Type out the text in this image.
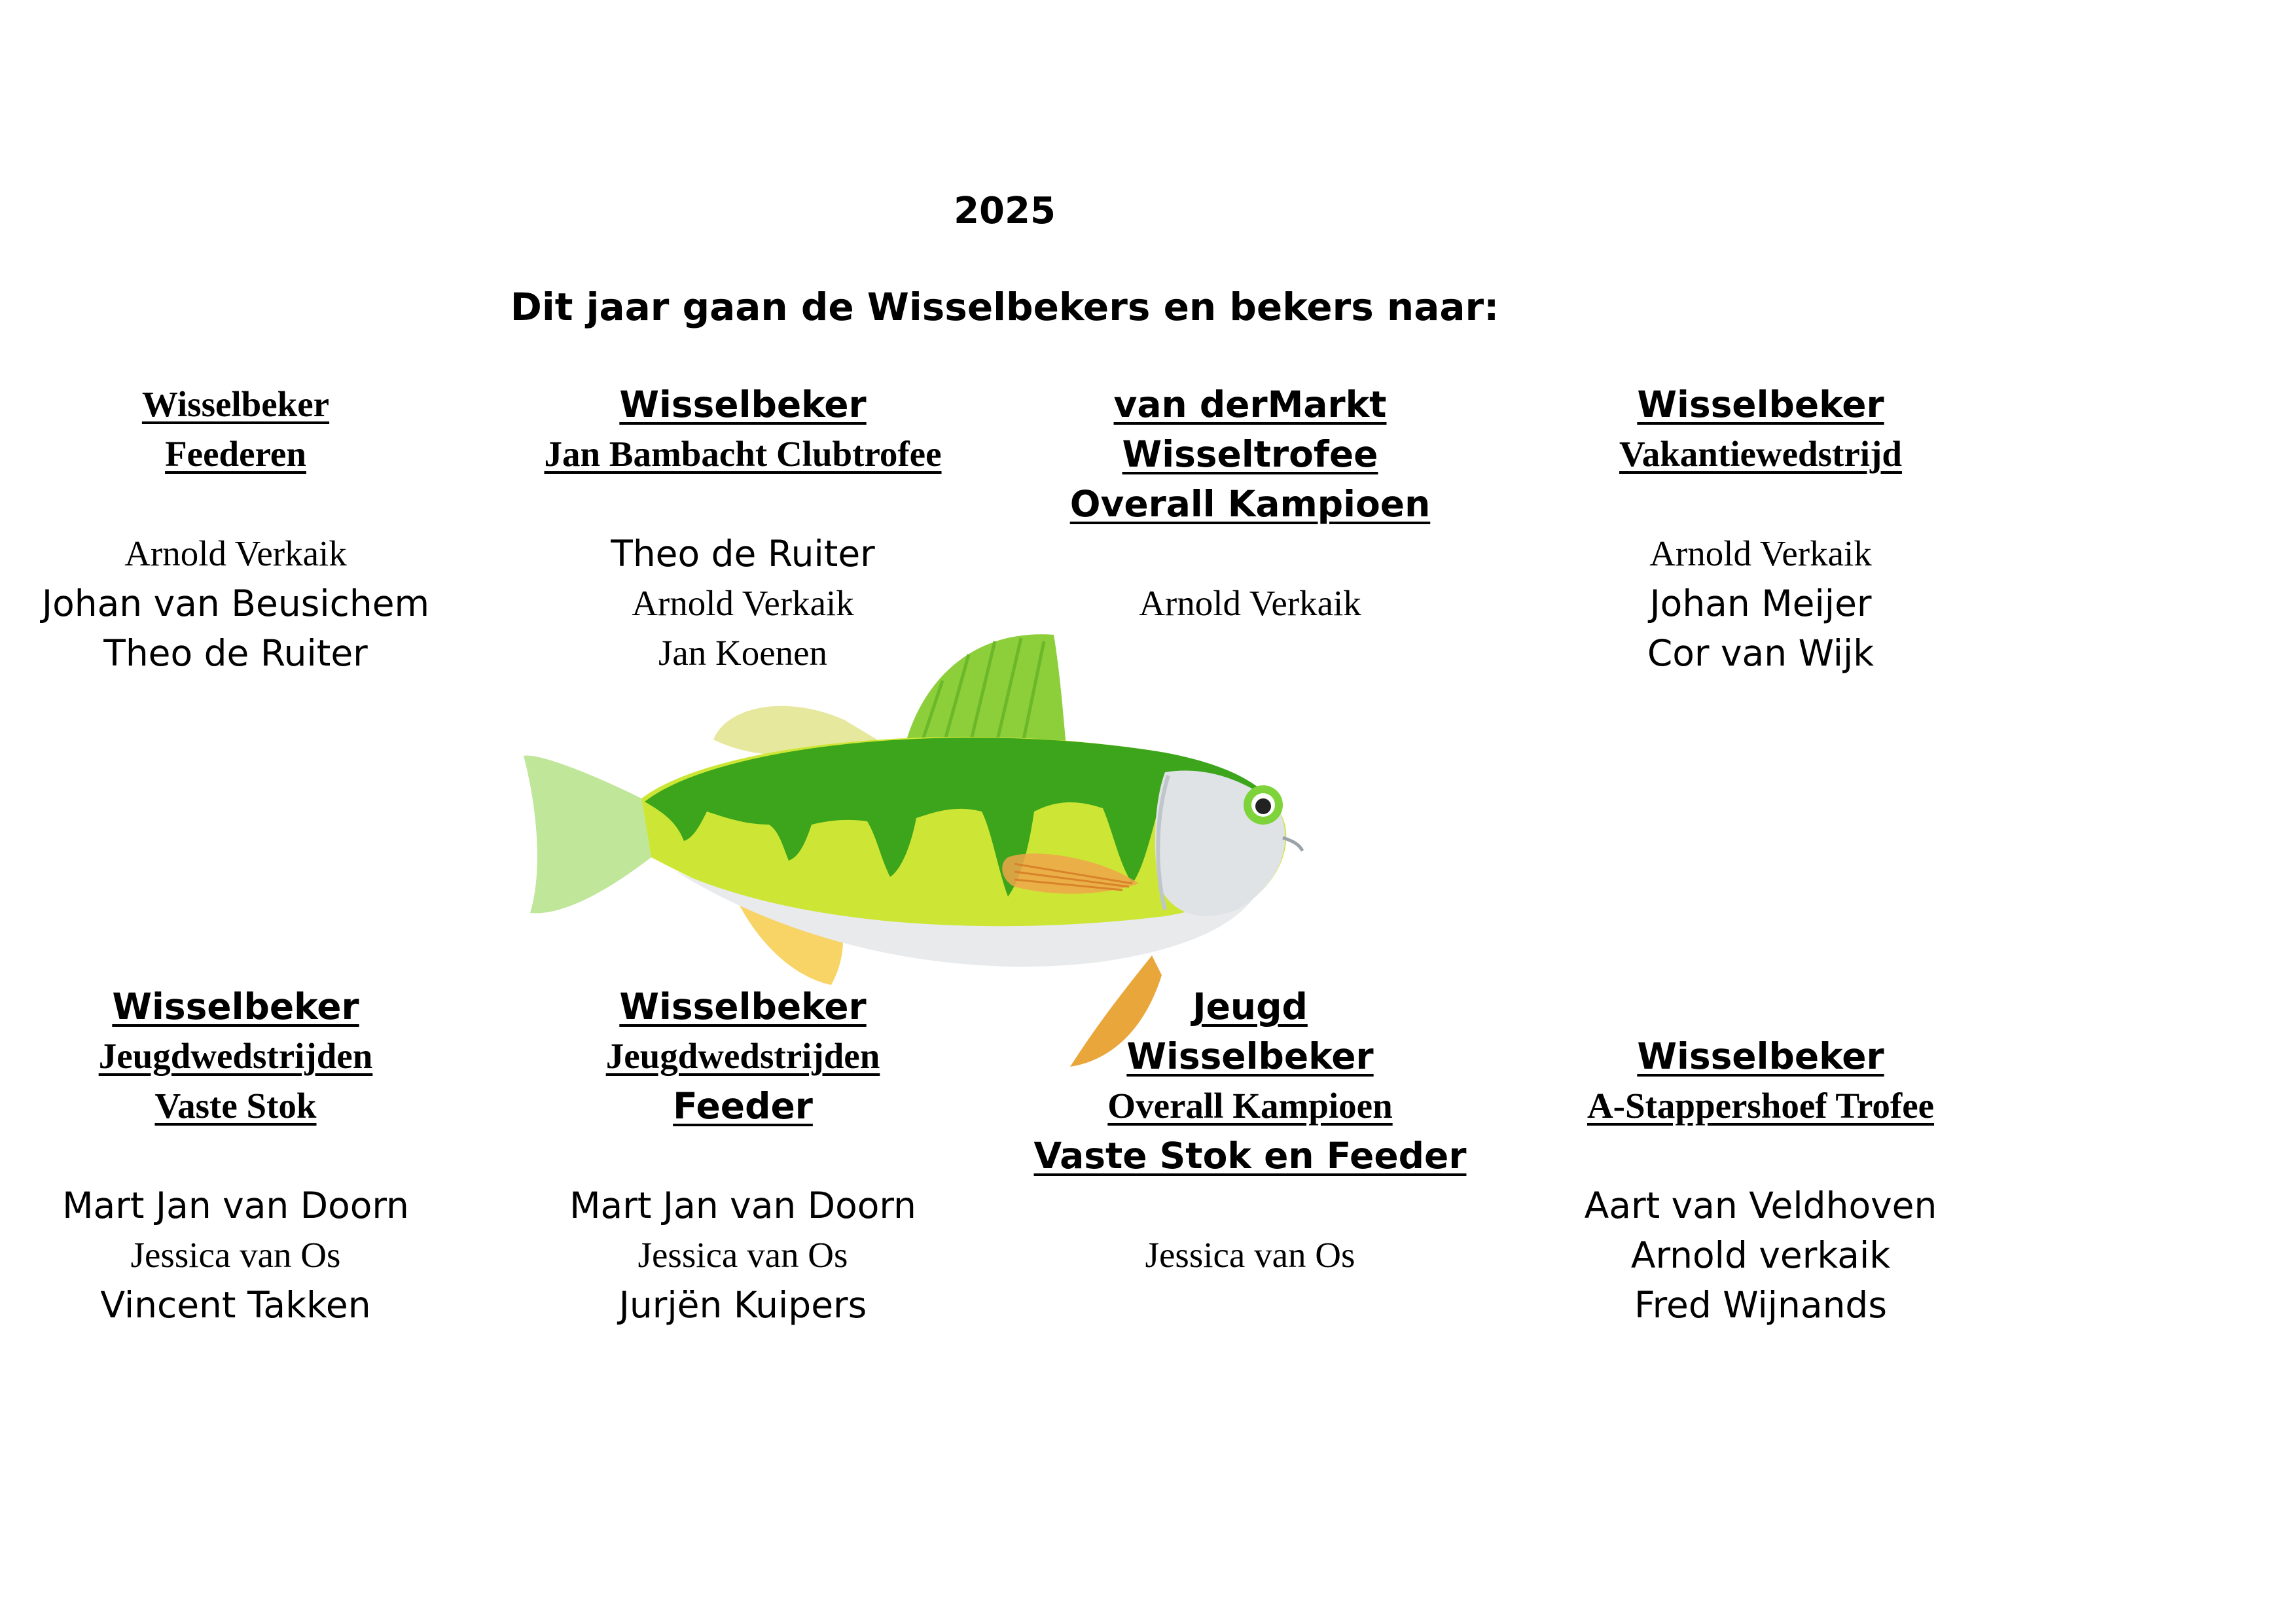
2025
Dit jaar gaan de Wisselbekers en bekers naar:
Wisselbeker
Feederen
Arnold Verkaik
Johan van Beusichem
Theo de Ruiter
Wisselbeker
Jan Bambacht Clubtrofee
Theo de Ruiter
Arnold Verkaik
Jan Koenen
van derMarkt
Wisseltrofee
Overall Kampioen
Arnold Verkaik
Wisselbeker
Vakantiewedstrijd
Arnold Verkaik
Johan Meijer
Cor van Wijk
Wisselbeker
Jeugdwedstrijden
Vaste Stok
Mart Jan van Doorn
Jessica van Os
Vincent Takken
Wisselbeker
Jeugdwedstrijden
Feeder
Mart Jan van Doorn
Jessica van Os
Jurjën Kuipers
Jeugd
Wisselbeker
Overall Kampioen
Vaste Stok en Feeder
Jessica van Os
Wisselbeker
A-Stappershoef Trofee
Aart van Veldhoven
Arnold verkaik
Fred Wijnands
